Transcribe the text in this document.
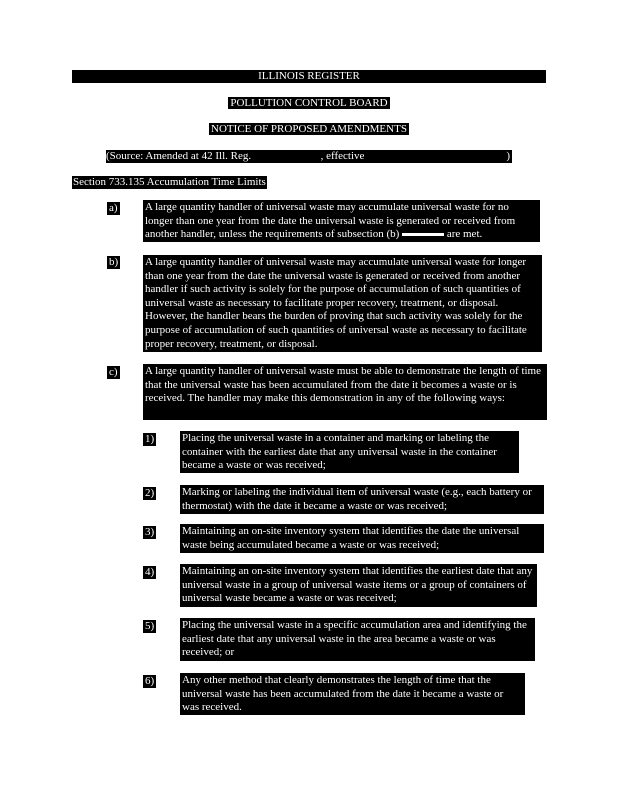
ILLINOIS REGISTER
POLLUTION CONTROL BOARD
NOTICE OF PROPOSED AMENDMENTS
(Source: Amended at 42 Ill. Reg.	, effective	)
Section 733.135 Accumulation Time Limits
a) A large quantity handler of universal waste may accumulate universal waste for no longer than one year from the date the universal waste is generated or received from another handler, unless the requirements of subsection (b)	are met.
b) A large quantity handler of universal waste may accumulate universal waste for longer than one year from the date the universal waste is generated or received from another handler if such activity is solely for the purpose of accumulation of such quantities of universal waste as necessary to facilitate proper recovery, treatment, or disposal. However, the handler bears the burden of proving that such activity was solely for the purpose of accumulation of such quantities of universal waste as necessary to facilitate proper recovery, treatment, or disposal.
c) A large quantity handler of universal waste must be able to demonstrate the length of time that the universal waste has been accumulated from the date it becomes a waste or is received. The handler may make this demonstration in any of the following ways:
1)	Placing the universal waste in a container and marking or labeling the container with the earliest date that any universal waste in the container became a waste or was received;
2)	Marking or labeling the individual item of universal waste (e.g., each battery or thermostat) with the date it became a waste or was received;
3)	Maintaining an on-site inventory system that identifies the date the universal waste being accumulated became a waste or was received;
4)	Maintaining an on-site inventory system that identifies the earliest date that any universal waste in a group of universal waste items or a group of containers of universal waste became a waste or was received;
5)	Placing the universal waste in a specific accumulation area and identifying the earliest date that any universal waste in the area became a waste or was received; or
6)	Any other method that clearly demonstrates the length of time that the universal waste has been accumulated from the date it became a waste or was received.
